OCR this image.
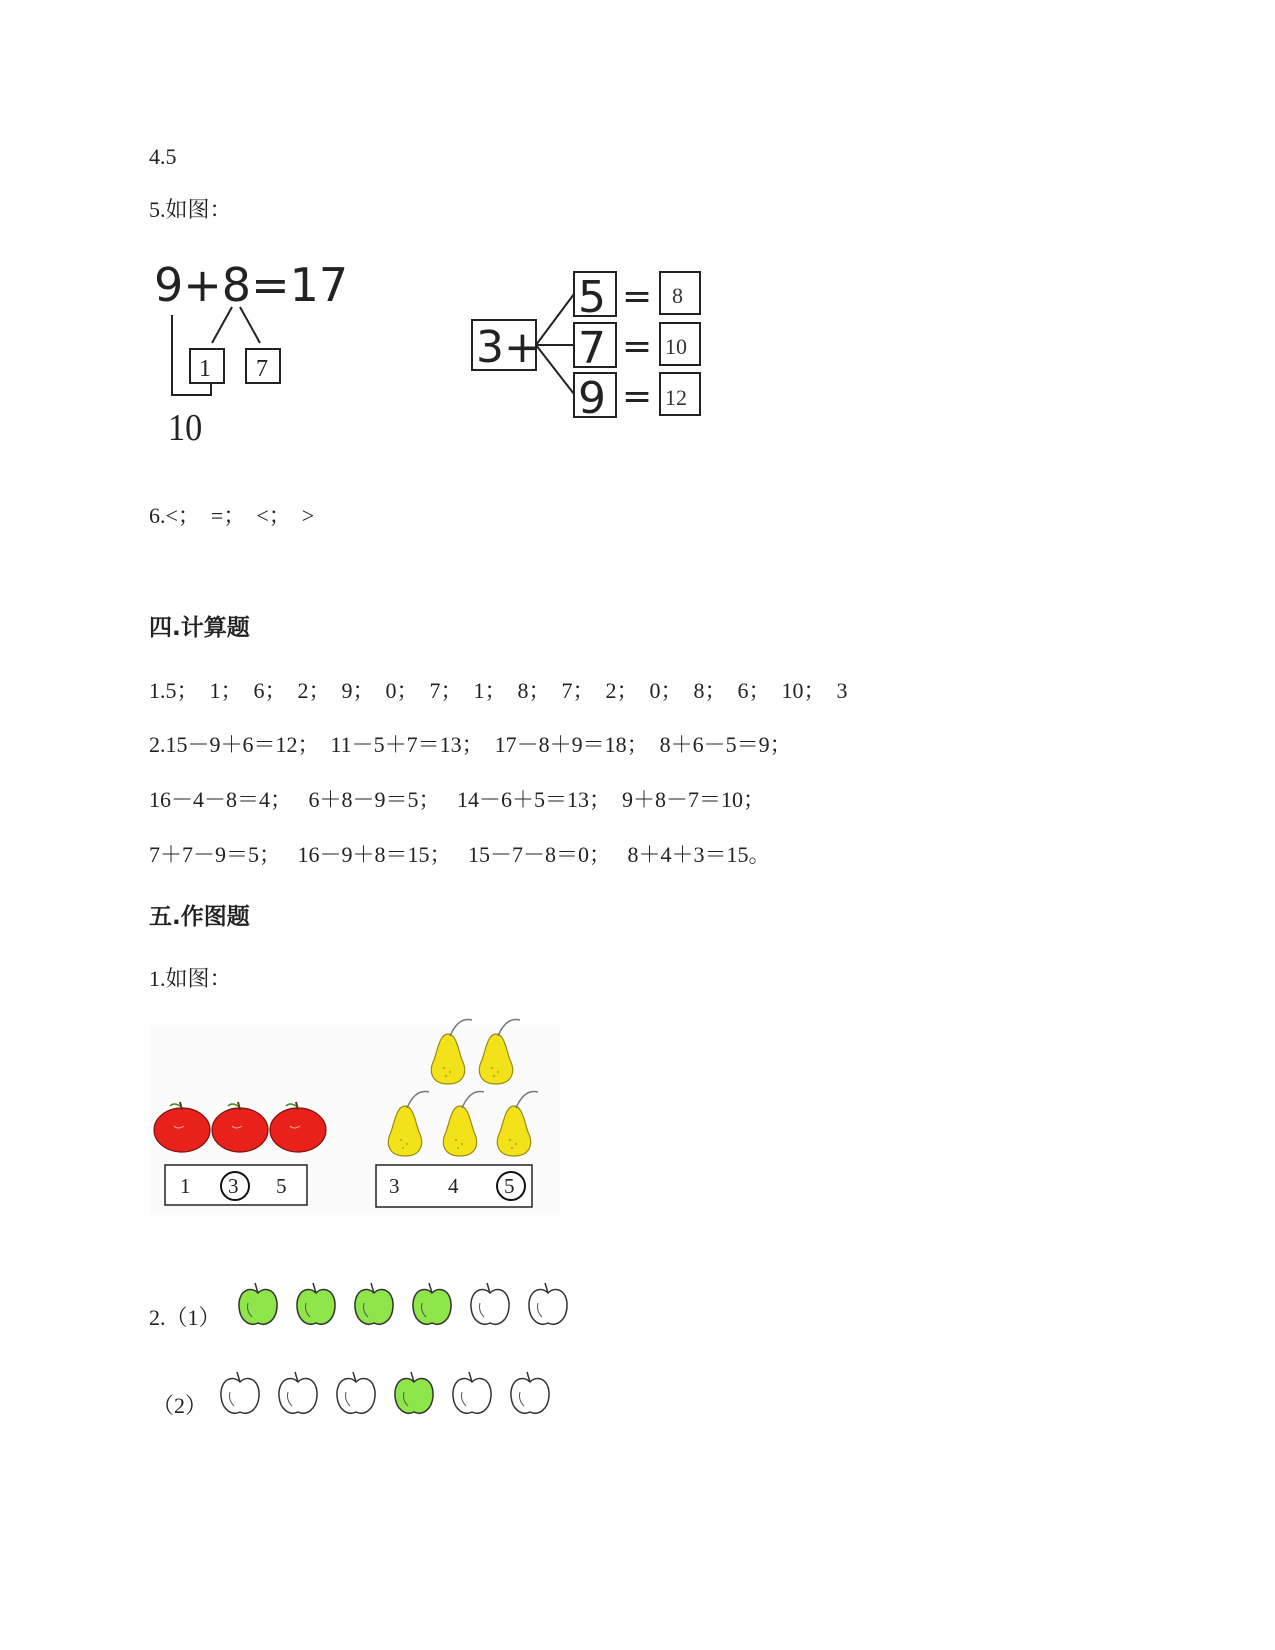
4.5
5.如图：
9+8=17
1 7
10
3+
5 = 8
7 = 10
9 = 12
6.<；  =；  <；  >
四.计算题
1.5；  1；  6；  2；  9；  0；  7；  1；  8；  7；  2；  0；  8；  6；  10；  3
2.15－9＋6＝12；  11－5＋7＝13；  17－8＋9＝18；  8＋6－5＝9；
16－4－8＝4；   6＋8－9＝5；   14－6＋5＝13；  9＋8－7＝10；
7＋7－9＝5；   16－9＋8＝15；   15－7－8＝0；   8＋4＋3＝15。
五.作图题
1.如图：
1 3 5	3 4 5
2.（1）
（2）
